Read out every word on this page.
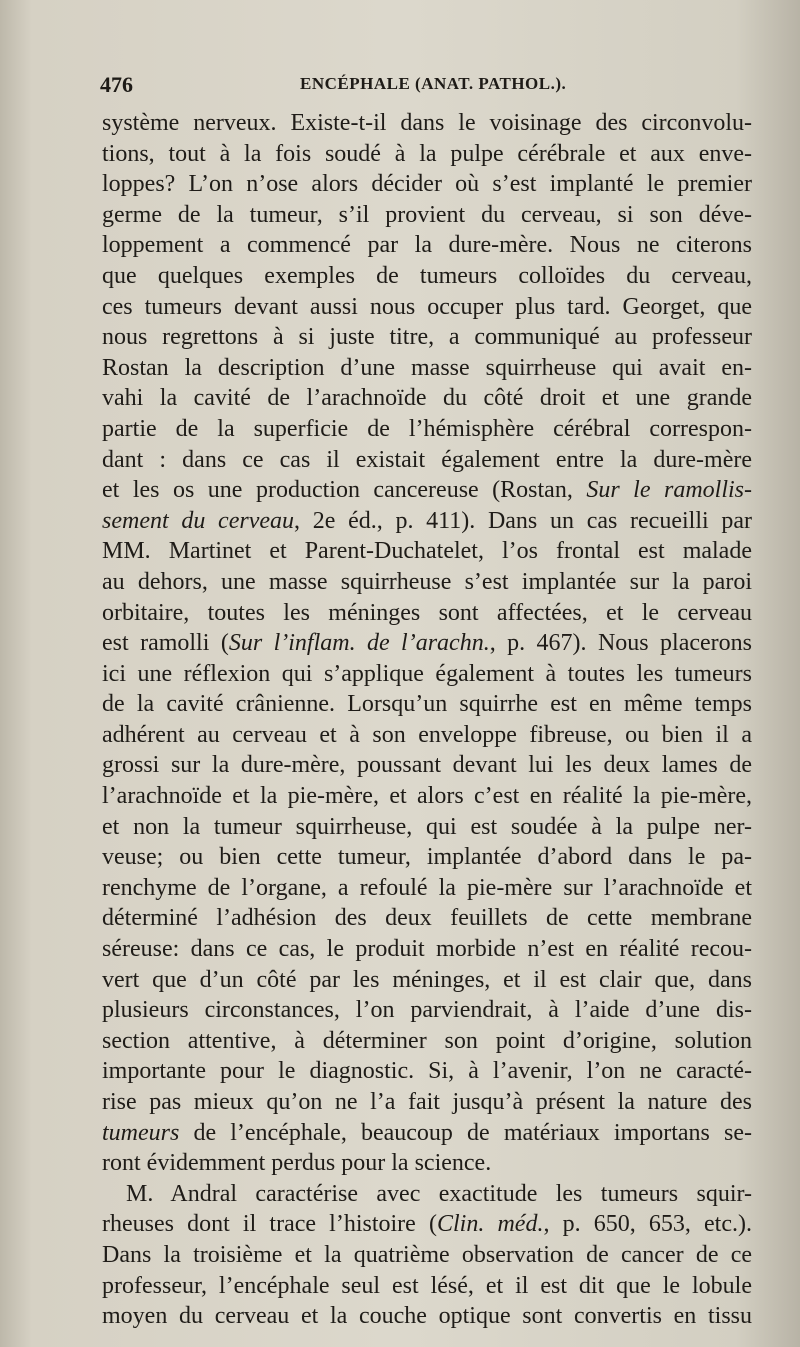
476	ENCÉPHALE (ANAT. PATHOL.).
système nerveux. Existe-t-il dans le voisinage des circonvolu-
tions, tout à la fois soudé à la pulpe cérébrale et aux enve-
loppes? L’on n’ose alors décider où s’est implanté le premier
germe de la tumeur, s’il provient du cerveau, si son déve-
loppement a commencé par la dure-mère. Nous ne citerons
que quelques exemples de tumeurs colloïdes du cerveau,
ces tumeurs devant aussi nous occuper plus tard. Georget, que
nous regrettons à si juste titre, a communiqué au professeur
Rostan la description d’une masse squirrheuse qui avait en-
vahi la cavité de l’arachnoïde du côté droit et une grande
partie de la superficie de l’hémisphère cérébral correspon-
dant : dans ce cas il existait également entre la dure-mère
et les os une production cancereuse (Rostan, Sur le ramollis-
sement du cerveau, 2e éd., p. 411). Dans un cas recueilli par
MM. Martinet et Parent-Duchatelet, l’os frontal est malade
au dehors, une masse squirrheuse s’est implantée sur la paroi
orbitaire, toutes les méninges sont affectées, et le cerveau
est ramolli (Sur l’inflam. de l’arachn., p. 467). Nous placerons
ici une réflexion qui s’applique également à toutes les tumeurs
de la cavité crânienne. Lorsqu’un squirrhe est en même temps
adhérent au cerveau et à son enveloppe fibreuse, ou bien il a
grossi sur la dure-mère, poussant devant lui les deux lames de
l’arachnoïde et la pie-mère, et alors c’est en réalité la pie-mère,
et non la tumeur squirrheuse, qui est soudée à la pulpe ner-
veuse; ou bien cette tumeur, implantée d’abord dans le pa-
renchyme de l’organe, a refoulé la pie-mère sur l’arachnoïde et
déterminé l’adhésion des deux feuillets de cette membrane
séreuse: dans ce cas, le produit morbide n’est en réalité recou-
vert que d’un côté par les méninges, et il est clair que, dans
plusieurs circonstances, l’on parviendrait, à l’aide d’une dis-
section attentive, à déterminer son point d’origine, solution
importante pour le diagnostic. Si, à l’avenir, l’on ne caracté-
rise pas mieux qu’on ne l’a fait jusqu’à présent la nature des
tumeurs de l’encéphale, beaucoup de matériaux importans se-
ront évidemment perdus pour la science.
M. Andral caractérise avec exactitude les tumeurs squir-
rheuses dont il trace l’histoire (Clin. méd., p. 650, 653, etc.).
Dans la troisième et la quatrième observation de cancer de ce
professeur, l’encéphale seul est lésé, et il est dit que le lobule
moyen du cerveau et la couche optique sont convertis en tissu
